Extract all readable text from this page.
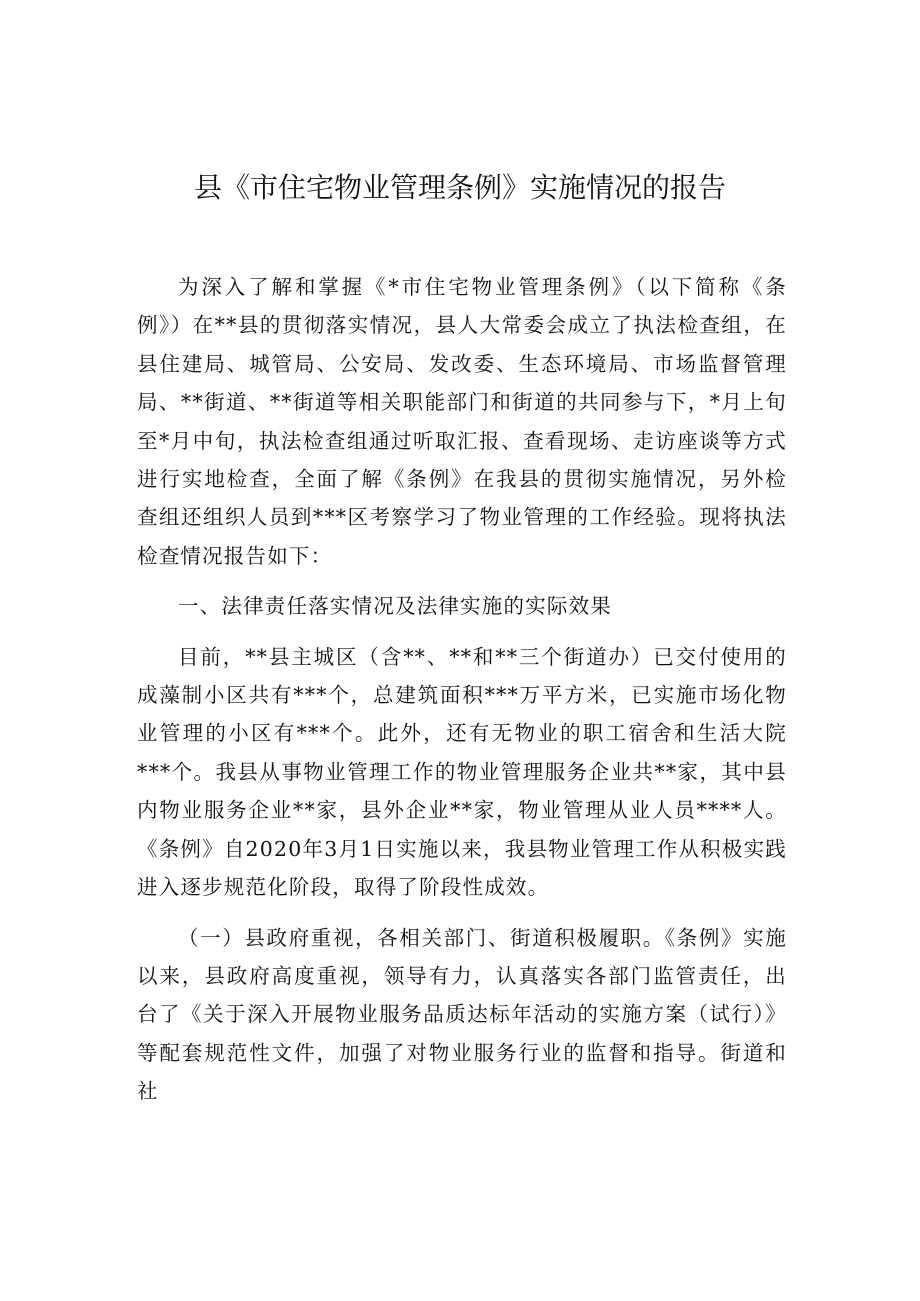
县《市住宅物业管理条例》实施情况的报告

为深入了解和掌握《*市住宅物业管理条例》（以下简称《条例》）在**县的贯彻落实情况，县人大常委会成立了执法检查组，在县住建局、城管局、公安局、发改委、生态环境局、市场监督管理局、**街道、**街道等相关职能部门和街道的共同参与下，*月上旬至*月中旬，执法检查组通过听取汇报、查看现场、走访座谈等方式进行实地检查，全面了解《条例》在我县的贯彻实施情况，另外检查组还组织人员到***区考察学习了物业管理的工作经验。现将执法检查情况报告如下：

一、法律责任落实情况及法律实施的实际效果

目前，**县主城区（含**、**和**三个街道办）已交付使用的成藻制小区共有***个，总建筑面积***万平方米，已实施市场化物业管理的小区有***个。此外，还有无物业的职工宿舍和生活大院***个。我县从事物业管理工作的物业管理服务企业共**家，其中县内物业服务企业**家，县外企业**家，物业管理从业人员****人。《条例》自2020年3月1日实施以来，我县物业管理工作从积极实践进入逐步规范化阶段，取得了阶段性成效。

（一）县政府重视，各相关部门、街道积极履职。《条例》实施以来，县政府高度重视，领导有力，认真落实各部门监管责任，出台了《关于深入开展物业服务品质达标年活动的实施方案（试行）》等配套规范性文件，加强了对物业服务行业的监督和指导。街道和社
